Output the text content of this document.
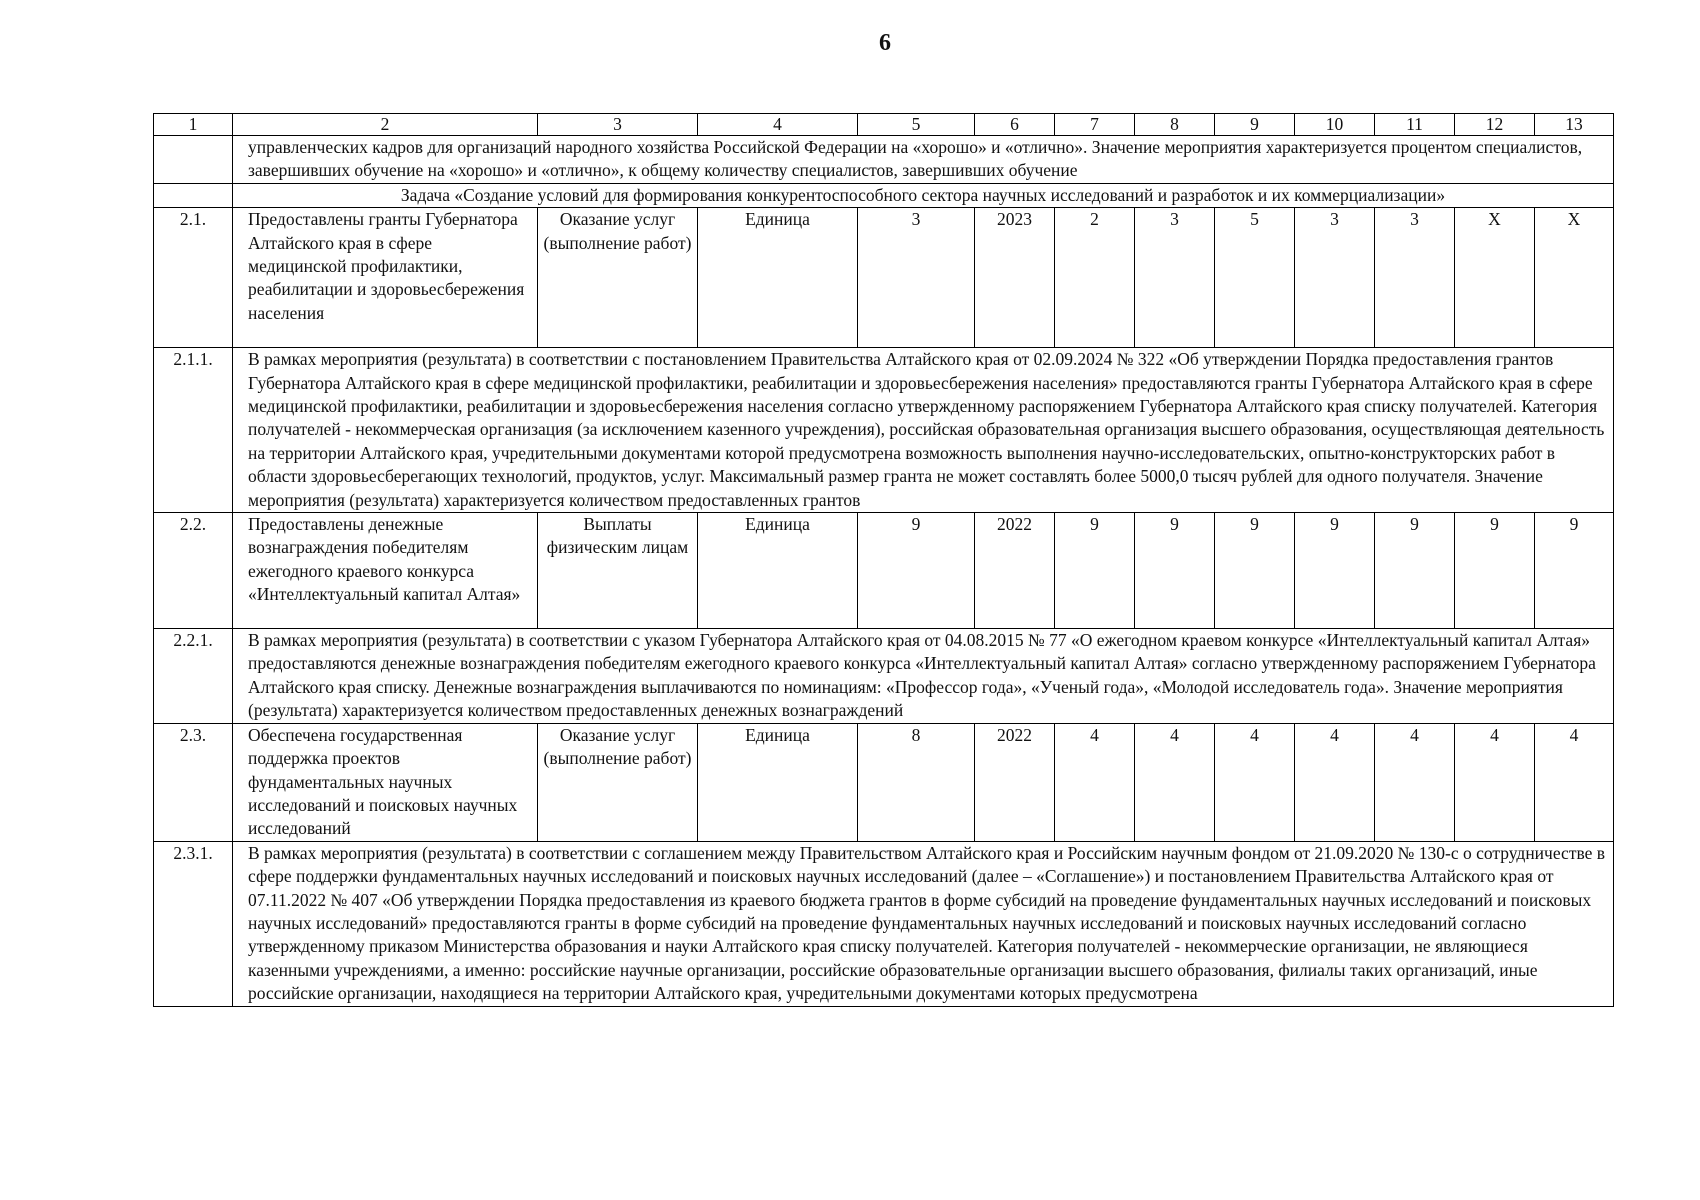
6
1	2	3	4	5	6	7	8	9	10	11	12	13
	управленческих кадров для организаций народного хозяйства Российской Федерации на «хорошо» и «отлично». Значение мероприятия характеризуется процентом специалистов, завершивших обучение на «хорошо» и «отлично», к общему количеству специалистов, завершивших обучение											
	Задача «Создание условий для формирования конкурентоспособного сектора научных исследований и разработок и их коммерциализации»											
2.1.	Предоставлены гранты Губернатора Алтайского края в сфере медицинской профилактики, реабилитации и здоровьесбережения населения	Оказание услуг (выполнение работ)	Единица	3	2023	2	3	5	3	3	X	X
2.1.1.	В рамках мероприятия (результата) в соответствии с постановлением Правительства Алтайского края от 02.09.2024 № 322 «Об утверждении Порядка предоставления грантов Губернатора Алтайского края в сфере медицинской профилактики, реабилитации и здоровьесбережения населения» предоставляются гранты Губернатора Алтайского края в сфере медицинской профилактики, реабилитации и здоровьесбережения населения согласно утвержденному распоряжением Губернатора Алтайского края списку получателей. Категория получателей - некоммерческая организация (за исключением казенного учреждения), российская образовательная организация высшего образования, осуществляющая деятельность на территории Алтайского края, учредительными документами которой предусмотрена возможность выполнения научно-исследовательских, опытно-конструкторских работ в области здоровьесберегающих технологий, продуктов, услуг. Максимальный размер гранта не может составлять более 5000,0 тысяч рублей для одного получателя. Значение мероприятия (результата) характеризуется количеством предоставленных грантов											
2.2.	Предоставлены денежные вознаграждения победителям ежегодного краевого конкурса «Интеллектуальный капитал Алтая»	Выплаты физическим лицам	Единица	9	2022	9	9	9	9	9	9	9
2.2.1.	В рамках мероприятия (результата) в соответствии с указом Губернатора Алтайского края от 04.08.2015 № 77 «О ежегодном краевом конкурсе «Интеллектуальный капитал Алтая» предоставляются денежные вознаграждения победителям ежегодного краевого конкурса «Интеллектуальный капитал Алтая» согласно утвержденному распоряжением Губернатора Алтайского края списку. Денежные вознаграждения выплачиваются по номинациям: «Профессор года», «Ученый года», «Молодой исследователь года». Значение мероприятия (результата) характеризуется количеством предоставленных денежных вознаграждений											
2.3.	Обеспечена государственная поддержка проектов фундаментальных научных исследований и поисковых научных исследований	Оказание услуг (выполнение работ)	Единица	8	2022	4	4	4	4	4	4	4
2.3.1.	В рамках мероприятия (результата) в соответствии с соглашением между Правительством Алтайского края и Российским научным фондом от 21.09.2020 № 130-с о сотрудничестве в сфере поддержки фундаментальных научных исследований и поисковых научных исследований (далее – «Соглашение») и постановлением Правительства Алтайского края от 07.11.2022 № 407 «Об утверждении Порядка предоставления из краевого бюджета грантов в форме субсидий на проведение фундаментальных научных исследований и поисковых научных исследований» предоставляются гранты в форме субсидий на проведение фундаментальных научных исследований и поисковых научных исследований согласно утвержденному приказом Министерства образования и науки Алтайского края списку получателей. Категория получателей - некоммерческие организации, не являющиеся казенными учреждениями, а именно: российские научные организации, российские образовательные организации высшего образования, филиалы таких организаций, иные российские организации, находящиеся на территории Алтайского края, учредительными документами которых предусмотрена											
